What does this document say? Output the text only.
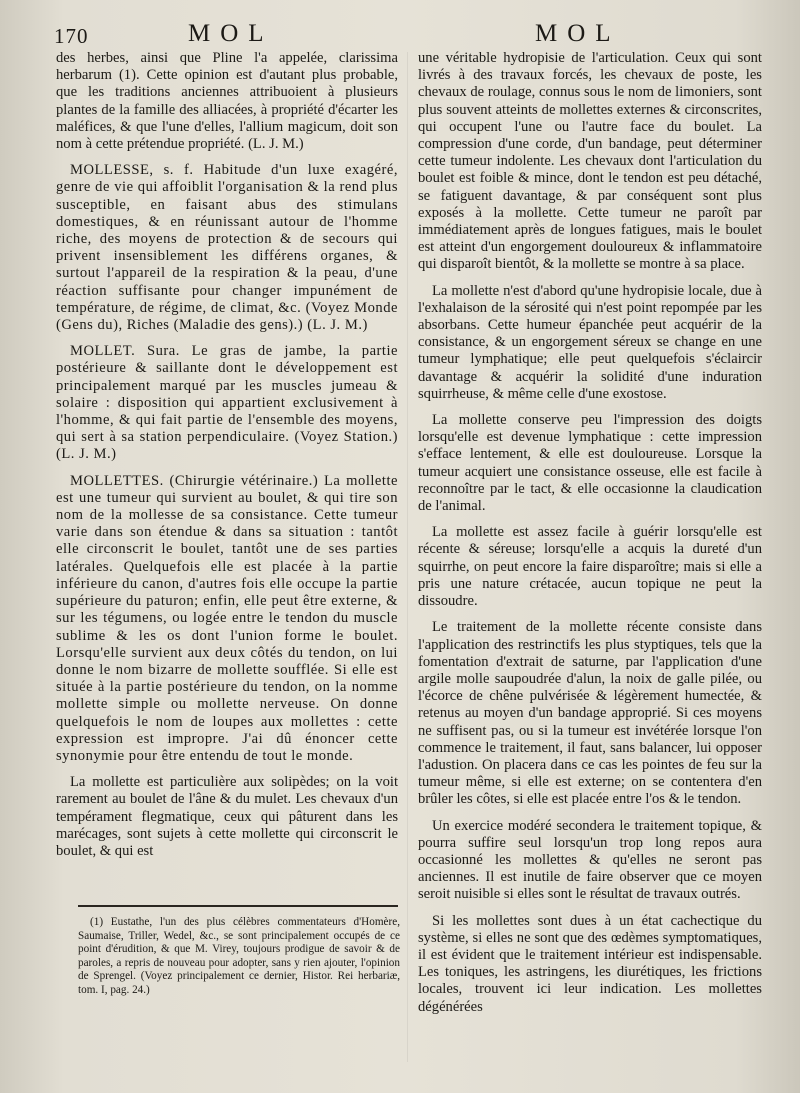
170	MOL	MOL

des herbes, ainsi que Pline l'a appelée, clarissima herbarum (1). Cette opinion est d'autant plus probable, que les traditions anciennes attribuoient à plusieurs plantes de la famille des alliacées, à propriété d'écarter les maléfices, & que l'une d'elles, l'allium magicum, doit son nom à cette prétendue propriété. (L. J. M.)

MOLLESSE, s. f. Habitude d'un luxe exagéré, genre de vie qui affoiblit l'organisation & la rend plus susceptible, en faisant abus des stimulans domestiques, & en réunissant autour de l'homme riche, des moyens de protection & de secours qui privent insensiblement les différens organes, & surtout l'appareil de la respiration & la peau, d'une réaction suffisante pour changer impunément de température, de régime, de climat, &c. (Voyez Monde (Gens du), Riches (Maladie des gens).) (L. J. M.)

MOLLET. Sura. Le gras de jambe, la partie postérieure & saillante dont le développement est principalement marqué par les muscles jumeau & solaire : disposition qui appartient exclusivement à l'homme, & qui fait partie de l'ensemble des moyens, qui sert à sa station perpendiculaire. (Voyez Station.) (L. J. M.)

MOLLETTES. (Chirurgie vétérinaire.) La mollette est une tumeur qui survient au boulet, & qui tire son nom de la mollesse de sa consistance. Cette tumeur varie dans son étendue & dans sa situation : tantôt elle circonscrit le boulet, tantôt une de ses parties latérales. Quelquefois elle est placée à la partie inférieure du canon, d'autres fois elle occupe la partie supérieure du paturon; enfin, elle peut être externe, & sur les tégumens, ou logée entre le tendon du muscle sublime & les os dont l'union forme le boulet. Lorsqu'elle survient aux deux côtés du tendon, on lui donne le nom bizarre de mollette soufflée. Si elle est située à la partie postérieure du tendon, on la nomme mollette simple ou mollette nerveuse. On donne quelquefois le nom de loupes aux mollettes : cette expression est impropre. J'ai dû énoncer cette synonymie pour être entendu de tout le monde.

La mollette est particulière aux solipèdes; on la voit rarement au boulet de l'âne & du mulet. Les chevaux d'un tempérament flegmatique, ceux qui pâturent dans les marécages, sont sujets à cette mollette qui circonscrit le boulet, & qui est

(1) Eustathe, l'un des plus célèbres commentateurs d'Homère, Saumaise, Triller, Wedel, &c., se sont principalement occupés de ce point d'érudition, & que M. Virey, toujours prodigue de savoir & de paroles, a repris de nouveau pour adopter, sans y rien ajouter, l'opinion de Sprengel. (Voyez principalement ce dernier, Histor. Rei herbariæ, tom. I, pag. 24.)

une véritable hydropisie de l'articulation. Ceux qui sont livrés à des travaux forcés, les chevaux de poste, les chevaux de roulage, connus sous le nom de limoniers, sont plus souvent atteints de mollettes externes & circonscrites, qui occupent l'une ou l'autre face du boulet. La compression d'une corde, d'un bandage, peut déterminer cette tumeur indolente. Les chevaux dont l'articulation du boulet est foible & mince, dont le tendon est peu détaché, se fatiguent davantage, & par conséquent sont plus exposés à la mollette. Cette tumeur ne paroît par immédiatement après de longues fatigues, mais le boulet est atteint d'un engorgement douloureux & inflammatoire qui disparoît bientôt, & la mollette se montre à sa place.

La mollette n'est d'abord qu'une hydropisie locale, due à l'exhalaison de la sérosité qui n'est point repompée par les absorbans. Cette humeur épanchée peut acquérir de la consistance, & un engorgement séreux se change en une tumeur lymphatique; elle peut quelquefois s'éclaircir davantage & acquérir la solidité d'une induration squirrheuse, & même celle d'une exostose.

La mollette conserve peu l'impression des doigts lorsqu'elle est devenue lymphatique : cette impression s'efface lentement, & elle est douloureuse. Lorsque la tumeur acquiert une consistance osseuse, elle est facile à reconnoître par le tact, & elle occasionne la claudication de l'animal.

La mollette est assez facile à guérir lorsqu'elle est récente & séreuse; lorsqu'elle a acquis la dureté d'un squirrhe, on peut encore la faire disparoître; mais si elle a pris une nature crétacée, aucun topique ne peut la dissoudre.

Le traitement de la mollette récente consiste dans l'application des restrinctifs les plus styptiques, tels que la fomentation d'extrait de saturne, par l'application d'une argile molle saupoudrée d'alun, la noix de galle pilée, ou l'écorce de chêne pulvérisée & légèrement humectée, & retenus au moyen d'un bandage approprié. Si ces moyens ne suffisent pas, ou si la tumeur est invétérée lorsque l'on commence le traitement, il faut, sans balancer, lui opposer l'adustion. On placera dans ce cas les pointes de feu sur la tumeur même, si elle est externe; on se contentera d'en brûler les côtes, si elle est placée entre l'os & le tendon.

Un exercice modéré secondera le traitement topique, & pourra suffire seul lorsqu'un trop long repos aura occasionné les mollettes & qu'elles ne seront pas anciennes. Il est inutile de faire observer que ce moyen seroit nuisible si elles sont le résultat de travaux outrés.

Si les mollettes sont dues à un état cachectique du système, si elles ne sont que des œdèmes symptomatiques, il est évident que le traitement intérieur est indispensable. Les toniques, les astringens, les diurétiques, les frictions locales, trouvent ici leur indication. Les mollettes dégénérées
